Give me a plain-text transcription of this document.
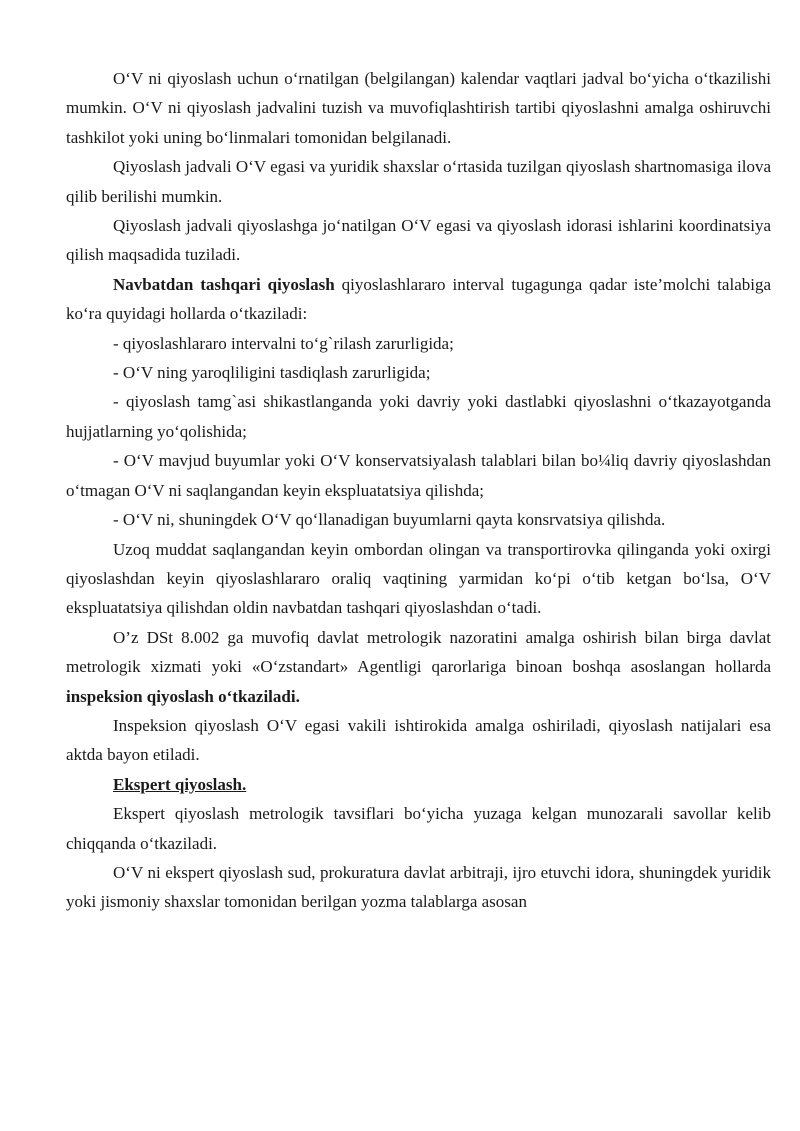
O‘V ni qiyoslash uchun o‘rnatilgan (belgilangan) kalendar vaqtlari jadval bo‘yicha o‘tkazilishi mumkin. O‘V ni qiyoslash jadvalini tuzish va muvofiqlashtirish tartibi qiyoslashni amalga oshiruvchi tashkilot yoki uning bo‘linmalari tomonidan belgilanadi.

Qiyoslash jadvali O‘V egasi va yuridik shaxslar o‘rtasida tuzilgan qiyoslash shartnomasiga ilova qilib berilishi mumkin.

Qiyoslash jadvali qiyoslashga jo‘natilgan O‘V egasi va qiyoslash idorasi ishlarini koordinatsiya qilish maqsadida tuziladi.

Navbatdan tashqari qiyoslash qiyoslashlararo interval tugagunga qadar iste’molchi talabiga ko‘ra quyidagi hollarda o‘tkaziladi:

- qiyoslashlararo intervalni to‘g`rilash zarurligida;

- O‘V ning yaroqliligini tasdiqlash zarurligida;

- qiyoslash tamg`asi shikastlanganda yoki davriy yoki dastlabki qiyoslashni o‘tkazayotganda hujjatlarning yo‘qolishida;

- O‘V mavjud buyumlar yoki O‘V konservatsiyalash talablari bilan bo¼liq davriy qiyoslashdan o‘tmagan O‘V ni saqlangandan keyin ekspluatatsiya qilishda;

- O‘V ni, shuningdek O‘V qo‘llanadigan buyumlarni qayta konsrvatsiya qilishda.

Uzoq muddat saqlangandan keyin ombordan olingan va transportirovka qilinganda yoki oxirgi qiyoslashdan keyin qiyoslashlararo oraliq vaqtining yarmidan ko‘pi o‘tib ketgan bo‘lsa, O‘V ekspluatatsiya qilishdan oldin navbatdan tashqari qiyoslashdan o‘tadi.

O’z DSt 8.002 ga muvofiq davlat metrologik nazoratini amalga oshirish bilan birga davlat metrologik xizmati yoki «O‘zstandart» Agentligi qarorlariga binoan boshqa asoslangan hollarda inspeksion qiyoslash o‘tkaziladi.

Inspeksion qiyoslash O‘V egasi vakili ishtirokida amalga oshiriladi, qiyoslash natijalari esa aktda bayon etiladi.

Ekspert qiyoslash.

Ekspert qiyoslash metrologik tavsiflari bo‘yicha yuzaga kelgan munozarali savollar kelib chiqqanda o‘tkaziladi.

O‘V ni ekspert qiyoslash sud, prokuratura davlat arbitraji, ijro etuvchi idora, shuningdek yuridik yoki jismoniy shaxslar tomonidan berilgan yozma talablarga asosan
